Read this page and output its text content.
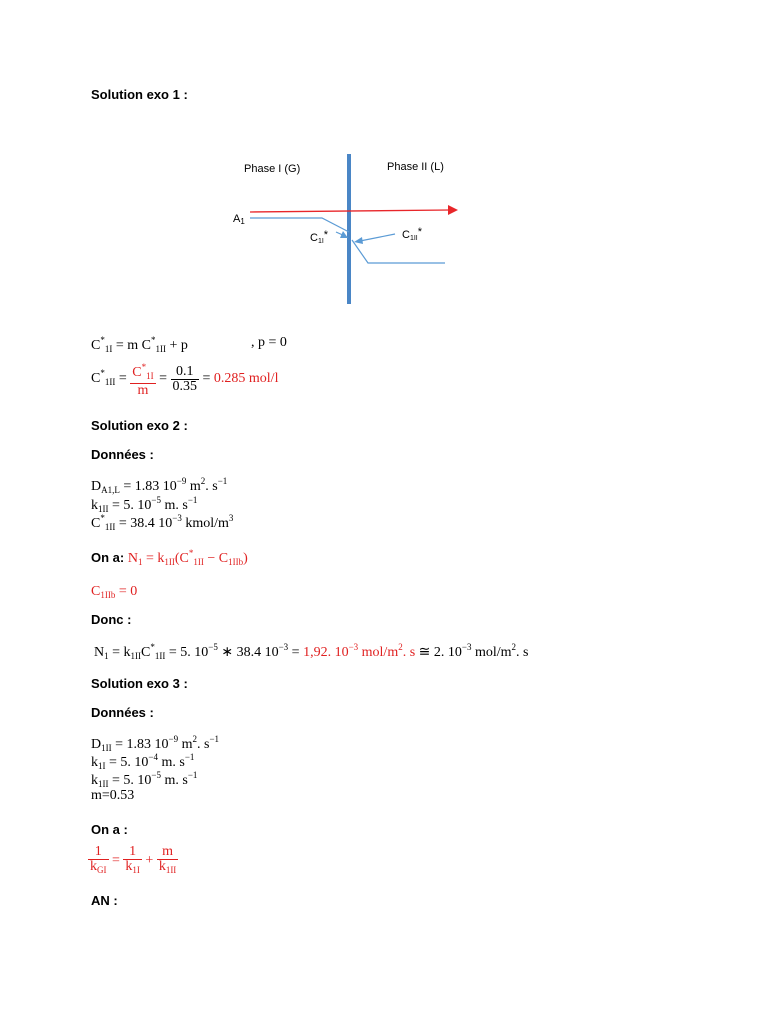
Solution exo 1 :
Phase I (G)	Phase II (L)
A1
C1I*	C1II*
$C^*_{1I} = m$ $C^*_{1II} + p$	, p = 0
$C^*_{1II} = \frac{C^*_{1I}}{m} = \frac{0.1}{0.35} = 0.285$ mol/l
Solution exo 2 :
Données :
$D_{A1,L} = 1.83$ $10^{-9}$ $m^2$. $s^{-1}$
$k_{1II} = 5$. $10^{-5}$ m. $s^{-1}$
$C^*_{1II} = 38.4$ $10^{-3}$ kmol/$m^3$
On a: $N_1 = k_{1II}(C^*_{1II} - C_{1IIb})$
$C_{1IIb} = 0$
Donc :
$N_1 = k_{1II}C^*_{1II} = 5$. $10^{-5}$ ∗ 38.4 $10^{-3} = 1,92$. $10^{-3}$ mol/$m^2$. s ≅ 2. $10^{-3}$ mol/$m^2$. s
Solution exo 3 :
Données :
$D_{1II} = 1.83$ $10^{-9}$ $m^2$. $s^{-1}$
$k_{1I} = 5$. $10^{-4}$ m. $s^{-1}$
$k_{1II} = 5$. $10^{-5}$ m. $s^{-1}$
m=0.53
On a :
$\frac{1}{k_{GI}} = \frac{1}{k_{1I}} + \frac{m}{k_{1II}}$
AN :
